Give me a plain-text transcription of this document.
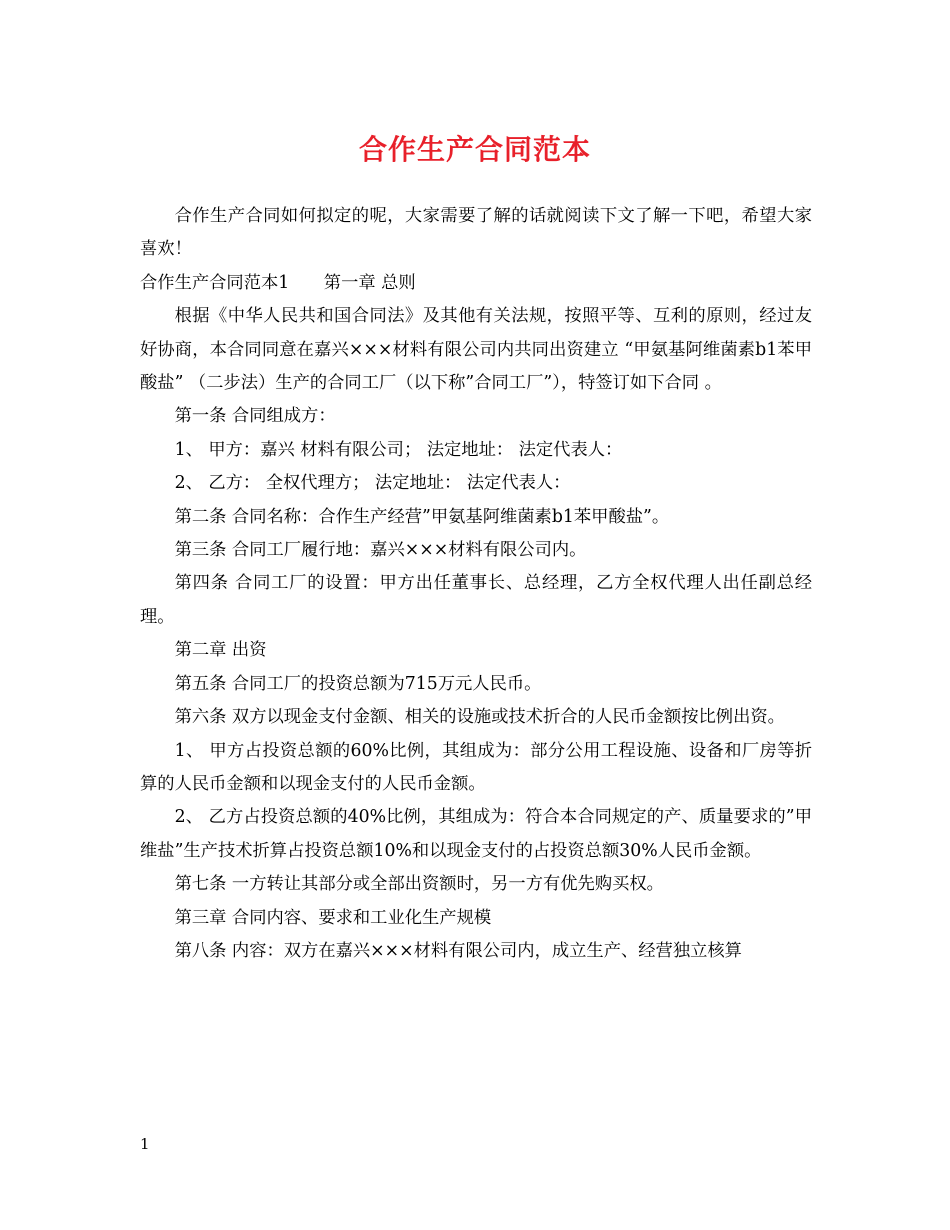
合作生产合同范本

合作生产合同如何拟定的呢，大家需要了解的话就阅读下文了解一下吧，希望大家喜欢！

合作生产合同范本1　　第一章 总则

根据《中华人民共和国合同法》及其他有关法规，按照平等、互利的原则，经过友好协商，本合同同意在嘉兴×××材料有限公司内共同出资建立 “甲氨基阿维菌素b1苯甲酸盐” （二步法）生产的合同工厂（以下称”合同工厂”），特签订如下合同 。

第一条 合同组成方：

1、 甲方：嘉兴 材料有限公司； 法定地址： 法定代表人：

2、 乙方： 全权代理方； 法定地址： 法定代表人：

第二条 合同名称：合作生产经营”甲氨基阿维菌素b1苯甲酸盐”。

第三条 合同工厂履行地：嘉兴×××材料有限公司内。

第四条 合同工厂的设置：甲方出任董事长、总经理，乙方全权代理人出任副总经理。

第二章 出资

第五条 合同工厂的投资总额为715万元人民币。

第六条 双方以现金支付金额、相关的设施或技术折合的人民币金额按比例出资。

1、 甲方占投资总额的60%比例，其组成为：部分公用工程设施、设备和厂房等折算的人民币金额和以现金支付的人民币金额。

2、 乙方占投资总额的40%比例，其组成为：符合本合同规定的产、质量要求的”甲维盐”生产技术折算占投资总额10%和以现金支付的占投资总额30%人民币金额。

第七条 一方转让其部分或全部出资额时，另一方有优先购买权。

第三章 合同内容、要求和工业化生产规模

第八条 内容：双方在嘉兴×××材料有限公司内，成立生产、经营独立核算

1
